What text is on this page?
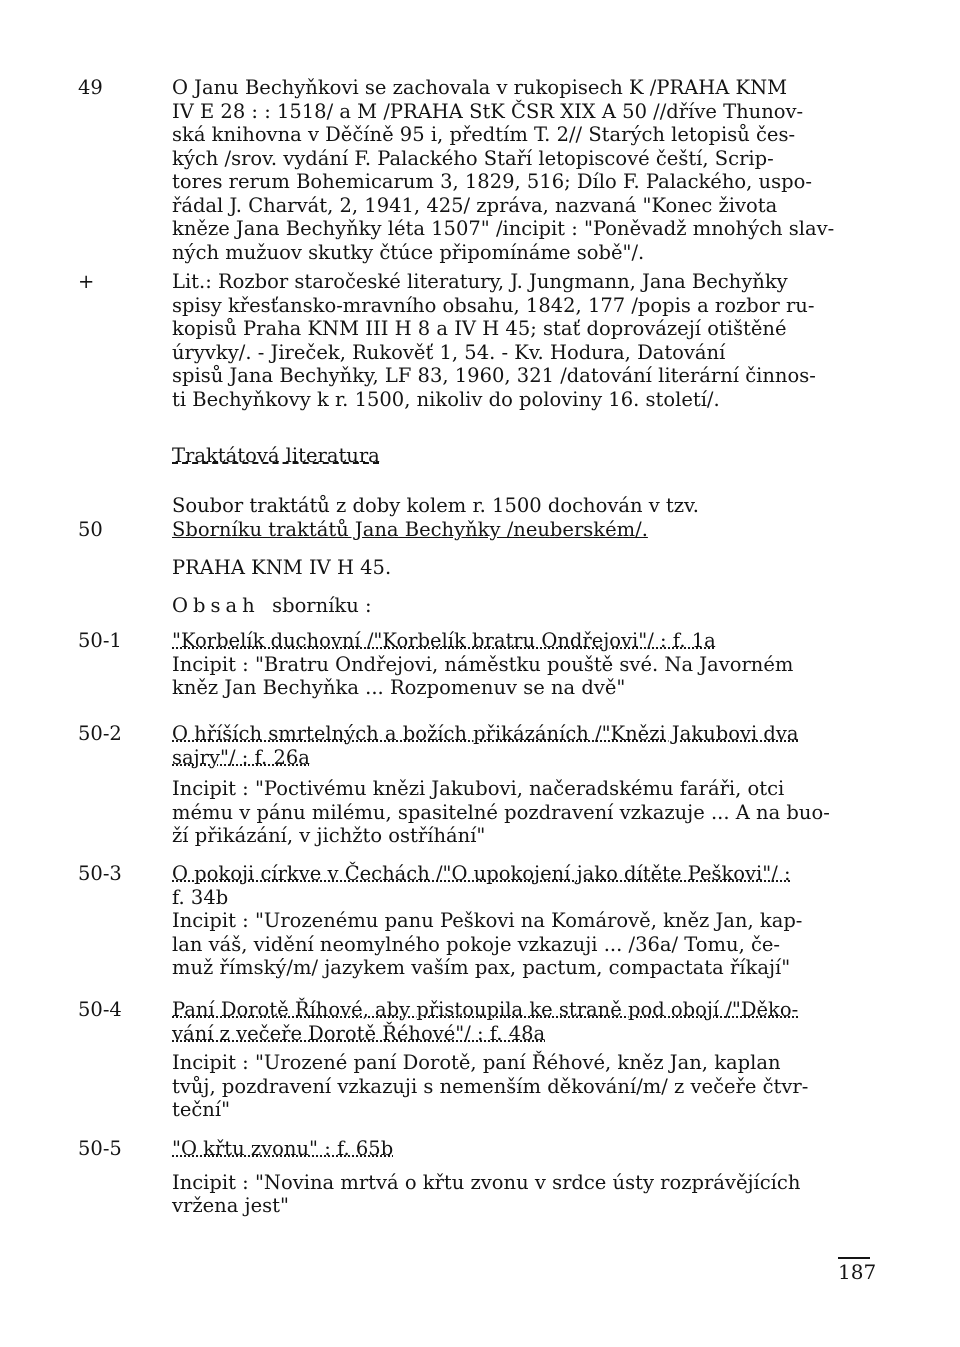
49	O Janu Bechyňkovi se zachovala v rukopisech K /PRAHA KNM
IV E 28 : : 1518/ a M /PRAHA StK ČSR XIX A 50 //dříve Thunov-
ská knihovna v Děčíně 95 i, předtím T. 2// Starých letopisů čes-
kých /srov. vydání F. Palackého Staří letopiscové čeští, Scrip-
tores rerum Bohemicarum 3, 1829, 516; Dílo F. Palackého, uspo-
řádal J. Charvát, 2, 1941, 425/ zpráva, nazvaná "Konec života
kněze Jana Bechyňky léta 1507" /incipit : "Poněvadž mnohých slav-
ných mužuov skutky čtúce připomínáme sobě"/.
+	Lit.: Rozbor staročeské literatury, J. Jungmann, Jana Bechyňky
spisy křesťansko-mravního obsahu, 1842, 177 /popis a rozbor ru-
kopisů Praha KNM III H 8 a IV H 45; stať doprovázejí otištěné
úryvky/. - Jireček, Rukověť 1, 54. - Kv. Hodura, Datování
spisů Jana Bechyňky, LF 83, 1960, 321 /datování literární činnos-
ti Bechyňkovy k r. 1500, nikoliv do poloviny 16. století/.
Traktátová literatura
Soubor traktátů z doby kolem r. 1500 dochován v tzv.
50	Sborníku traktátů Jana Bechyňky /neuberském/.
PRAHA KNM IV H 45.
Obsah sborníku :
50-1	"Korbelík duchovní /"Korbelík bratru Ondřejovi"/ : f. 1a
Incipit : "Bratru Ondřejovi, náměstku pouště své. Na Javorném
kněz Jan Bechyňka ... Rozpomenuv se na dvě"
50-2	O hříších smrtelných a božích přikázáních /"Knězi Jakubovi dva
sajry"/ : f. 26a
Incipit : "Poctivému knězi Jakubovi, načeradskému faráři, otci
mému v pánu milému, spasitelné pozdravení vzkazuje ... A na buo-
ží přikázání, v jichžto ostříhání"
50-3	O pokoji církve v Čechách /"O upokojení jako dítěte Peškovi"/ :
f. 34b
Incipit : "Urozenému panu Peškovi na Komárově, kněz Jan, kap-
lan váš, vidění neomylného pokoje vzkazuji ... /36a/ Tomu, če-
muž římský/m/ jazykem vaším pax, pactum, compactata říkají"
50-4	Paní Dorotě Říhové, aby přistoupila ke straně pod obojí /"Děko-
vání z večeře Dorotě Řéhové"/ : f. 48a
Incipit : "Urozené paní Dorotě, paní Řéhové, kněz Jan, kaplan
tvůj, pozdravení vzkazuji s nemenším děkování/m/ z večeře čtvr-
teční"
50-5	"O křtu zvonu" : f. 65b
Incipit : "Novina mrtvá o křtu zvonu v srdce ústy rozprávějících
vržena jest"
187
